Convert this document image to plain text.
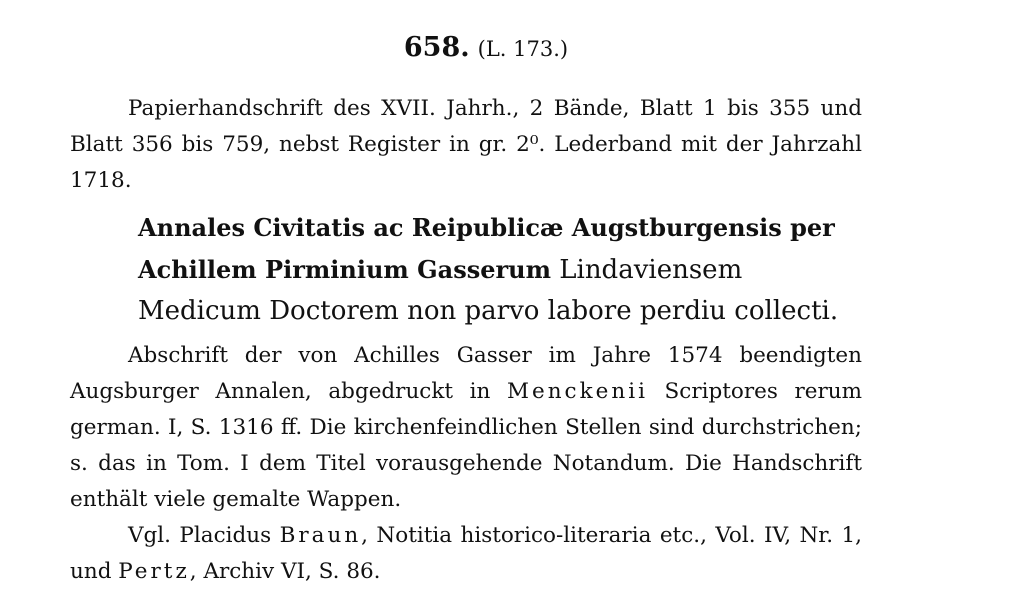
658. (L. 173.)
Papierhandschrift des XVII. Jahrh., 2 Bände, Blatt 1 bis 355 und Blatt 356 bis 759, nebst Register in gr. 2⁰. Lederband mit der Jahrzahl 1718.
Annales Civitatis ac Reipublicæ Augstburgensis per Achillem Pirminium Gasserum Lindaviensem Medicum Doctorem non parvo labore perdiu collecti.
Abschrift der von Achilles Gasser im Jahre 1574 beendigten Augsburger Annalen, abgedruckt in Menckenii Scriptores rerum german. I, S. 1316 ff. Die kirchenfeindlichen Stellen sind durchstrichen; s. das in Tom. I dem Titel vorausgehende Notandum. Die Handschrift enthält viele gemalte Wappen.
Vgl. Placidus Braun, Notitia historico-literaria etc., Vol. IV, Nr. 1, und Pertz, Archiv VI, S. 86.
